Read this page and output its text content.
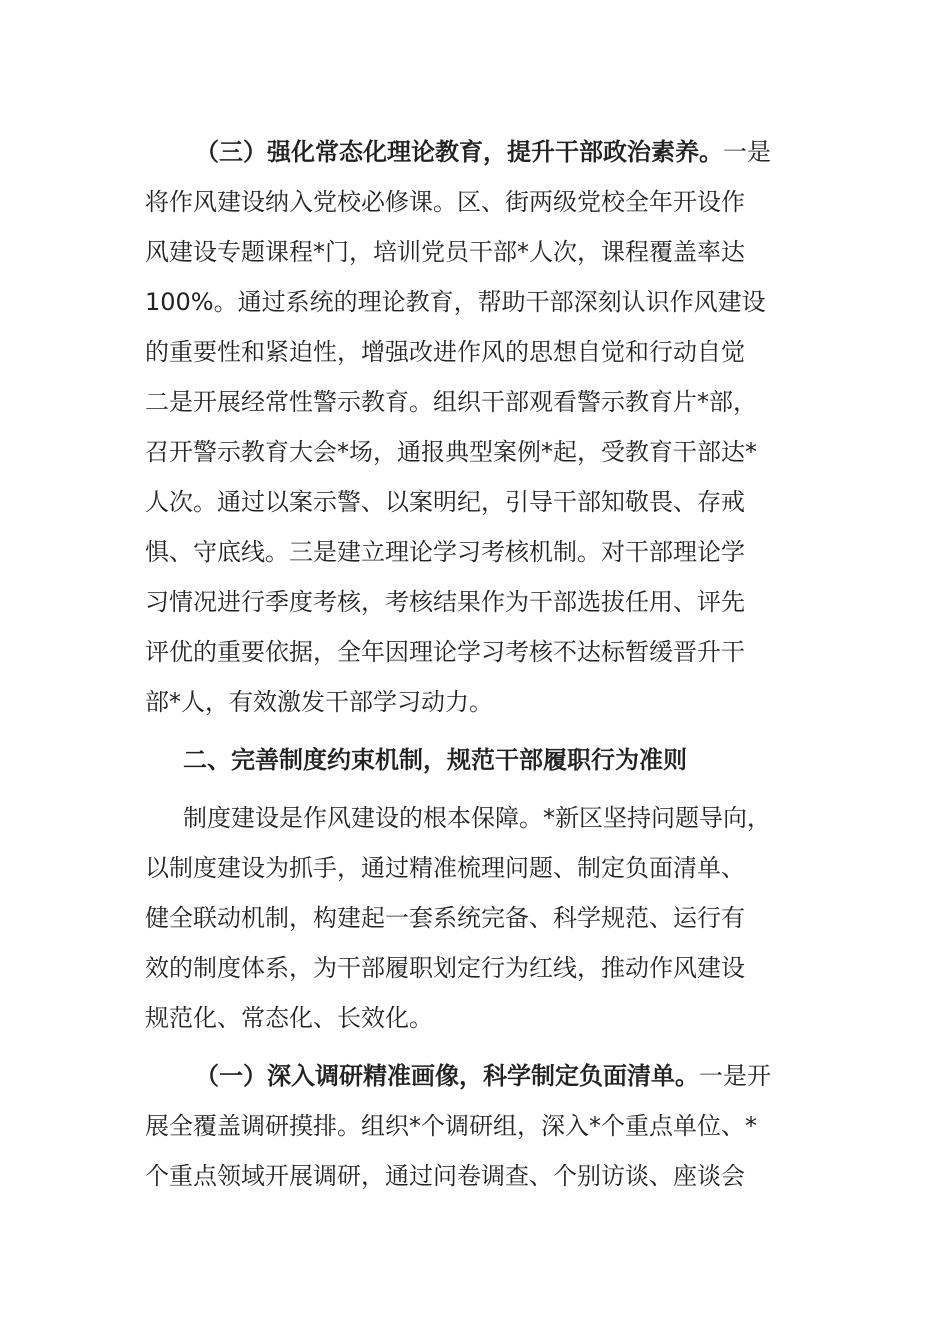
（三）强化常态化理论教育，提升干部政治素养。一是
将作风建设纳入党校必修课。区、街两级党校全年开设作
风建设专题课程*门，培训党员干部*人次，课程覆盖率达
100%。通过系统的理论教育，帮助干部深刻认识作风建设
的重要性和紧迫性，增强改进作风的思想自觉和行动自觉
二是开展经常性警示教育。组织干部观看警示教育片*部，
召开警示教育大会*场，通报典型案例*起，受教育干部达*
人次。通过以案示警、以案明纪，引导干部知敬畏、存戒
惧、守底线。三是建立理论学习考核机制。对干部理论学
习情况进行季度考核，考核结果作为干部选拔任用、评先
评优的重要依据，全年因理论学习考核不达标暂缓晋升干
部*人，有效激发干部学习动力。
二、完善制度约束机制，规范干部履职行为准则
制度建设是作风建设的根本保障。*新区坚持问题导向，
以制度建设为抓手，通过精准梳理问题、制定负面清单、
健全联动机制，构建起一套系统完备、科学规范、运行有
效的制度体系，为干部履职划定行为红线，推动作风建设
规范化、常态化、长效化。
（一）深入调研精准画像，科学制定负面清单。一是开
展全覆盖调研摸排。组织*个调研组，深入*个重点单位、*
个重点领域开展调研，通过问卷调查、个别访谈、座谈会
